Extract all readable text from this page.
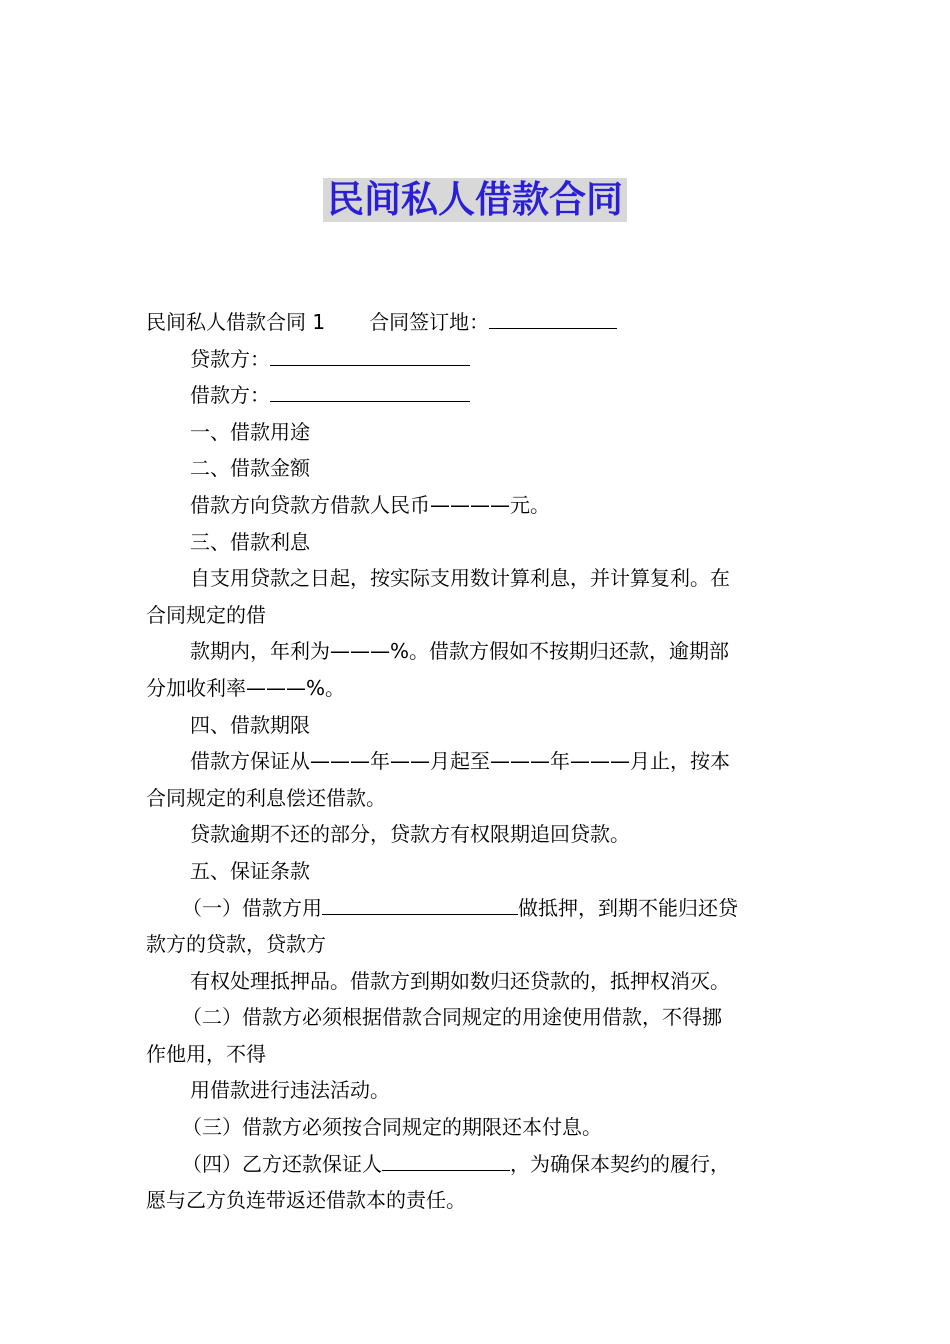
民间私人借款合同
民间私人借款合同 1 合同签订地：
贷款方：
借款方：
一、借款用途
二、借款金额
借款方向贷款方借款人民币————元。
三、借款利息
自支用贷款之日起，按实际支用数计算利息，并计算复利。在
合同规定的借
款期内，年利为———%。借款方假如不按期归还款，逾期部
分加收利率———%。
四、借款期限
借款方保证从———年——月起至———年———月止，按本
合同规定的利息偿还借款。
贷款逾期不还的部分，贷款方有权限期追回贷款。
五、保证条款
（一）借款方用	做抵押，到期不能归还贷
款方的贷款，贷款方
有权处理抵押品。借款方到期如数归还贷款的，抵押权消灭。
（二）借款方必须根据借款合同规定的用途使用借款，不得挪
作他用，不得
用借款进行违法活动。
（三）借款方必须按合同规定的期限还本付息。
（四）乙方还款保证人	，为确保本契约的履行，
愿与乙方负连带返还借款本的责任。
